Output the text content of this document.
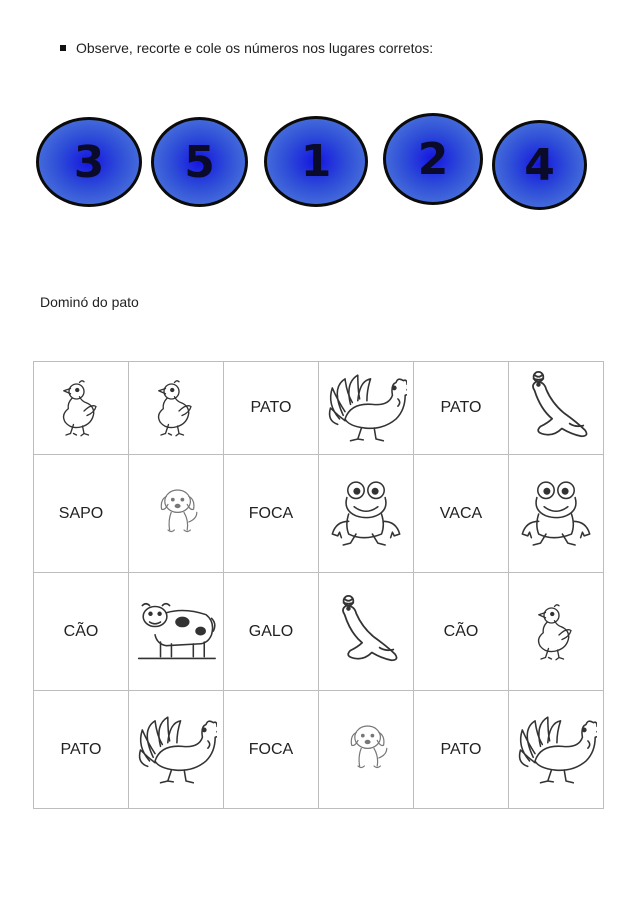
Observe, recorte e cole os números nos lugares corretos:
3 5 1 2 4
Dominó do pato

	PATO		PATO	

SAPO		FOCA		VACA	

CÃO		GALO		CÃO	

PATO		FOCA		PATO	
